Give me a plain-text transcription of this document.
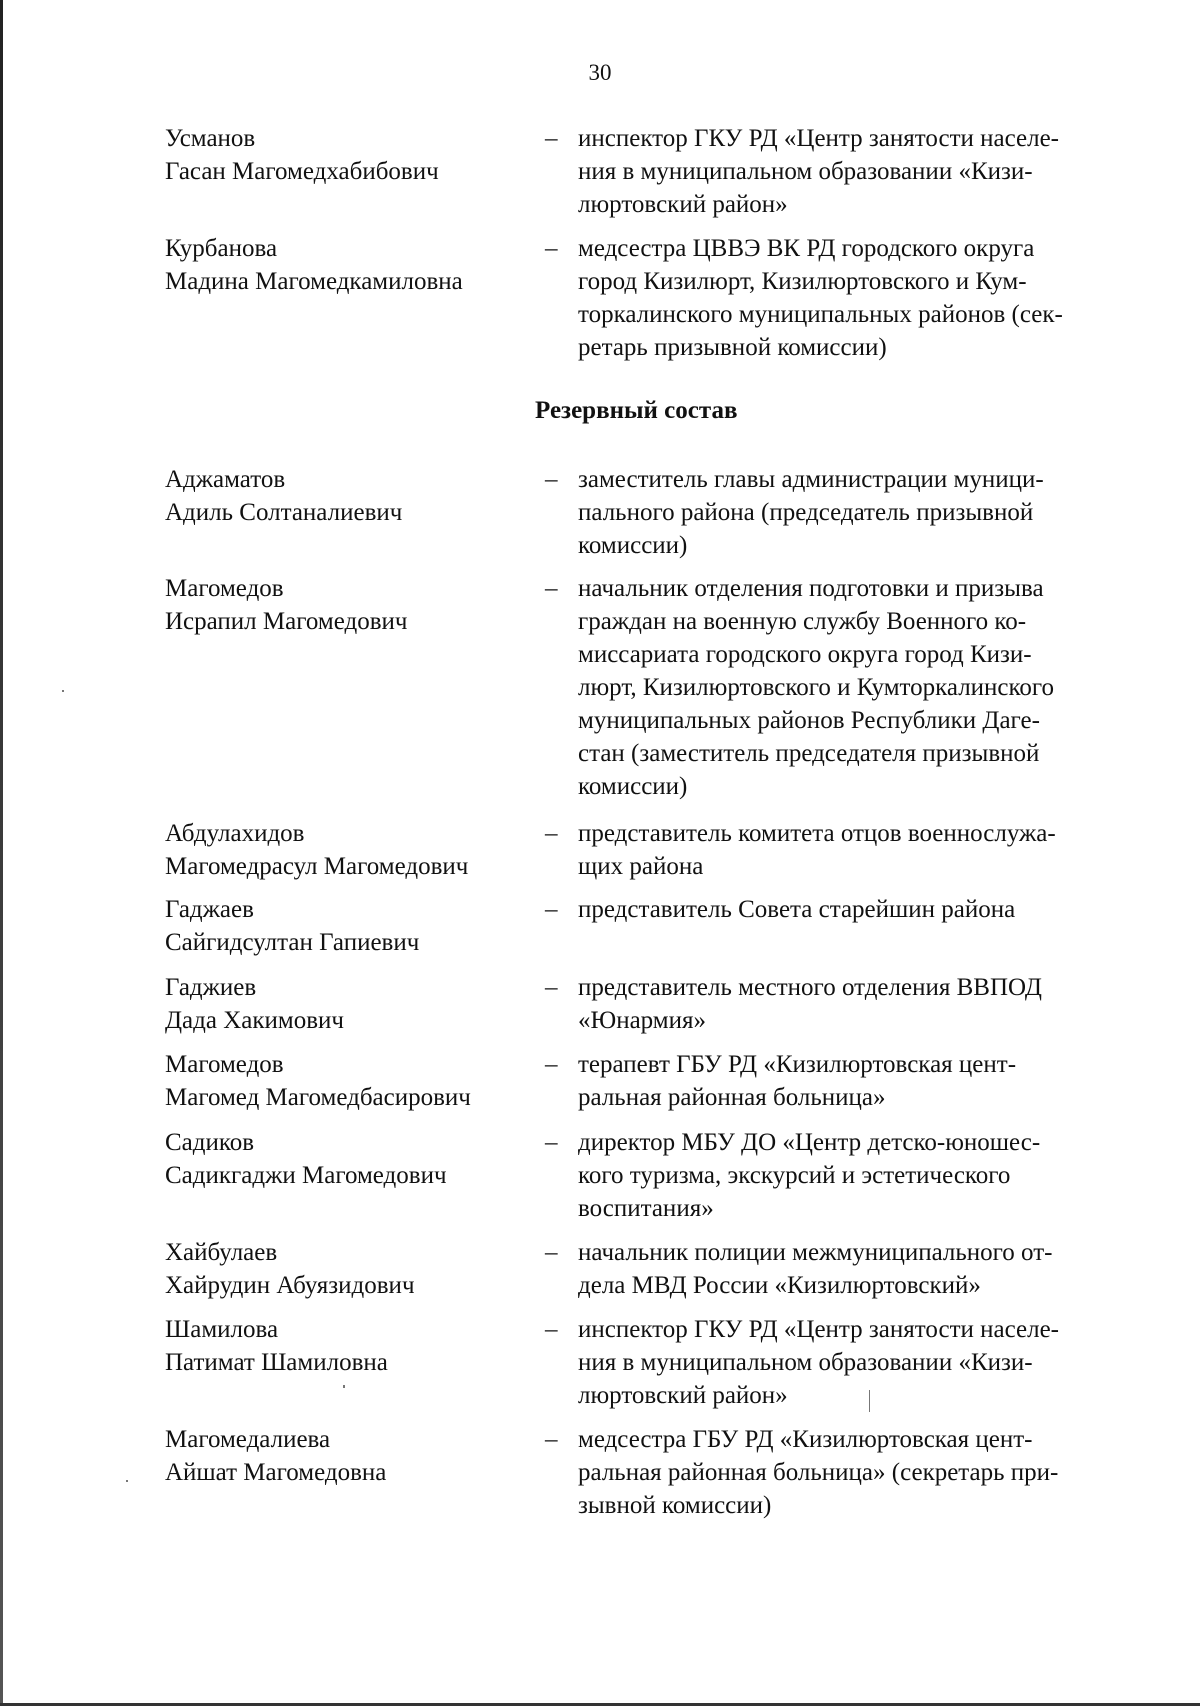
30
Усманов
Гасан Магомедхабибович
– инспектор ГКУ РД «Центр занятости населе-
ния в муниципальном образовании «Кизи-
люртовский район»
Курбанова
Мадина Магомедкамиловна
– медсестра ЦВВЭ ВК РД городского округа
город Кизилюрт, Кизилюртовского и Кум-
торкалинского муниципальных районов (сек-
ретарь призывной комиссии)
Резервный состав
Аджаматов
Адиль Солтаналиевич
– заместитель главы администрации муници-
пального района (председатель призывной
комиссии)
Магомедов
Исрапил Магомедович
– начальник отделения подготовки и призыва
граждан на военную службу Военного ко-
миссариата городского округа город Кизи-
люрт, Кизилюртовского и Кумторкалинского
муниципальных районов Республики Даге-
стан (заместитель председателя призывной
комиссии)
Абдулахидов
Магомедрасул Магомедович
– представитель комитета отцов военнослужа-
щих района
Гаджаев
Сайгидсултан Гапиевич
– представитель Совета старейшин района
Гаджиев
Дада Хакимович
– представитель местного отделения ВВПОД
«Юнармия»
Магомедов
Магомед Магомедбасирович
– терапевт ГБУ РД «Кизилюртовская цент-
ральная районная больница»
Садиков
Садикгаджи Магомедович
– директор МБУ ДО «Центр детско-юношес-
кого туризма, экскурсий и эстетического
воспитания»
Хайбулаев
Хайрудин Абуязидович
– начальник полиции межмуниципального от-
дела МВД России «Кизилюртовский»
Шамилова
Патимат Шамиловна
– инспектор ГКУ РД «Центр занятости населе-
ния в муниципальном образовании «Кизи-
люртовский район»
Магомедалиева
Айшат Магомедовна
– медсестра ГБУ РД «Кизилюртовская цент-
ральная районная больница» (секретарь при-
зывной комиссии)
